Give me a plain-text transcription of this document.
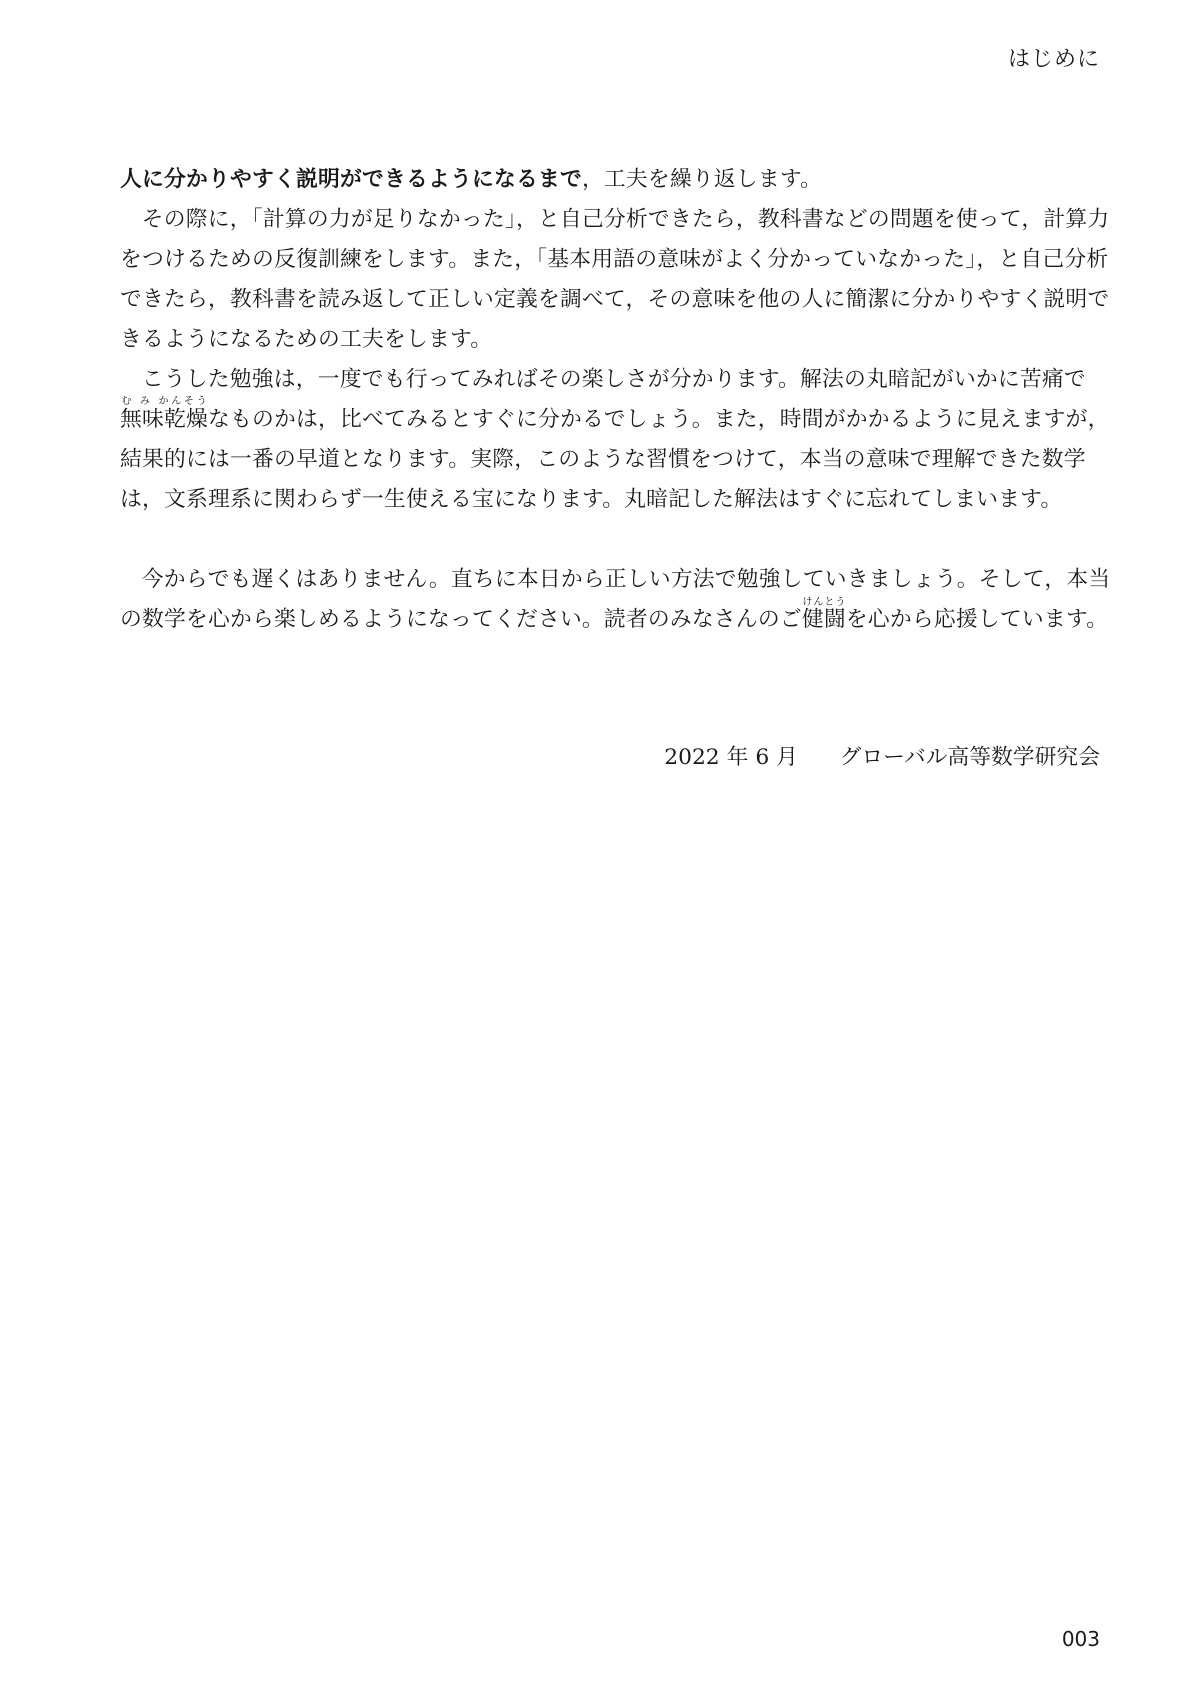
はじめに

人に分かりやすく説明ができるようになるまで，工夫を繰り返します。

その際に，「計算の力が足りなかった」，と自己分析できたら，教科書などの問題を使って，計算力をつけるための反復訓練をします。また，「基本用語の意味がよく分かっていなかった」，と自己分析できたら，教科書を読み返して正しい定義を調べて，その意味を他の人に簡潔に分かりやすく説明できるようになるための工夫をします。

こうした勉強は，一度でも行ってみればその楽しさが分かります。解法の丸暗記がいかに苦痛で無味乾燥む み かんそうなものかは，比べてみるとすぐに分かるでしょう。また，時間がかかるように見えますが，結果的には一番の早道となります。実際，このような習慣をつけて，本当の意味で理解できた数学は，文系理系に関わらず一生使える宝になります。丸暗記した解法はすぐに忘れてしまいます。

今からでも遅くはありません。直ちに本日から正しい方法で勉強していきましょう。そして，本当の数学を心から楽しめるようになってください。読者のみなさんのご健闘けんとうを心から応援しています。

2022 年 6 月 グローバル高等数学研究会
003
